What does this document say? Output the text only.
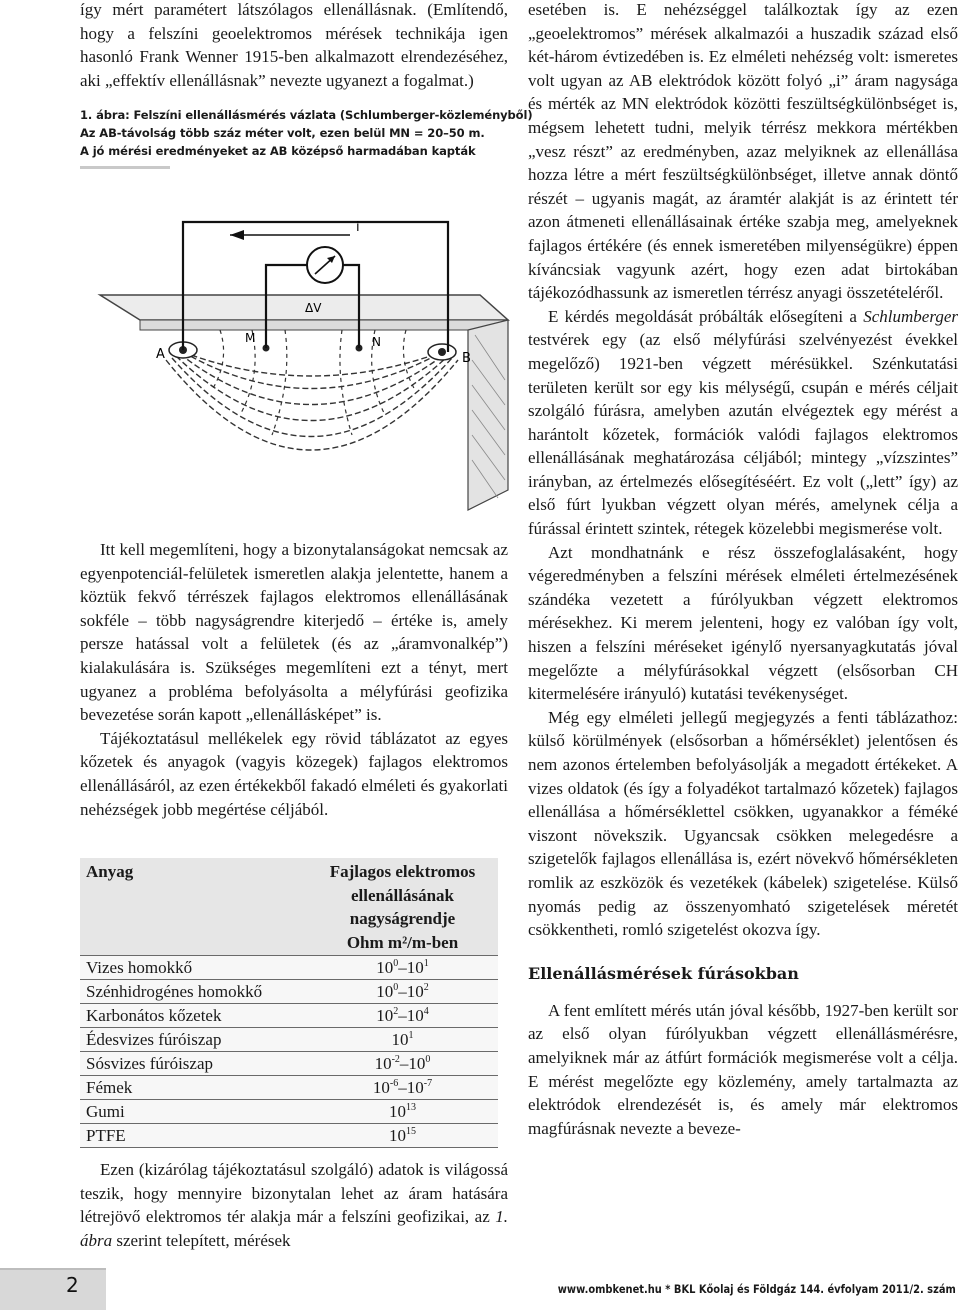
így mért paramétert látszólagos ellenállásnak. (Említendő, hogy a felszíni geoelektromos mérések technikája igen hasonló Frank Wenner 1915-ben alkalmazott elrendezéséhez, aki „effektív ellenállásnak” nevezte ugyanezt a fogalmat.)

1. ábra: Felszíni ellenállásmérés vázlata (Schlumberger-közleményből)
Az AB-távolság több száz méter volt, ezen belül MN = 20–50 m.
A jó mérési eredményeket az AB középső harmadában kapták
i
A
M	N
B
ΔV

Itt kell megemlíteni, hogy a bizonytalanságokat nemcsak az egyenpotenciál-felületek ismeretlen alakja jelentette, hanem a köztük fekvő térrészek fajlagos elektromos ellenállásának sokféle – több nagyságrendre kiterjedő – értéke is, amely persze hatással volt a felületek (és az „áramvonalkép”) kialakulására is. Szükséges megemlíteni ezt a tényt, mert ugyanez a probléma befolyásolta a mélyfúrási geofizika bevezetése során kapott „ellenállásképet” is.

Tájékoztatásul mellékelek egy rövid táblázatot az egyes kőzetek és anyagok (vagyis közegek) fajlagos elektromos ellenállásáról, az ezen értékekből fakadó elméleti és gyakorlati nehézségek jobb megértése céljából.

Anyag	Fajlagos elektromos
ellenállásának
nagyságrendje
Ohm m²/m-ben

Vizes homokkő	$10^0-10^1$
Szénhidrogénes homokkő	$10^0-10^2$
Karbonátos kőzetek	$10^2-10^4$
Édesvizes fúróiszap	$10^1$
Sósvizes fúróiszap	$10^{-2}-10^0$
Fémek	$10^{-6}-10^{-7}$
Gumi	$10^{13}$
PTFE	$10^{15}$

Ezen (kizárólag tájékoztatásul szolgáló) adatok is világossá teszik, hogy mennyire bizonytalan lehet az áram hatására létrejövő elektromos tér alakja már a felszíni geofizikai, az 1. ábra szerint telepített, mérések

esetében is. E nehézséggel találkoztak így az ezen „geoelektromos” mérések alkalmazói a huszadik század első két-három évtizedében is. Ez elméleti nehézség volt: ismeretes volt ugyan az AB elektródok között folyó „i” áram nagysága és mérték az MN elektródok közötti feszültségkülönbséget is, mégsem lehetett tudni, melyik térrész mekkora mértékben „vesz részt” az eredményben, azaz melyiknek az ellenállása hozza létre a mért feszültségkülönbséget, illetve annak döntő részét – ugyanis magát, az áramtér alakját is az érintett tér azon átmeneti ellenállásainak értéke szabja meg, amelyeknek fajlagos értékére (és ennek ismeretében milyenségükre) éppen kíváncsiak vagyunk azért, hogy ezen adat birtokában tájékozódhassunk az ismeretlen térrész anyagi összetételéről.

E kérdés megoldását próbálták elősegíteni a Schlumberger testvérek egy (az első mélyfúrási szelvényezést évekkel megelőző) 1921-ben végzett mérésükkel. Szénkutatási területen került sor egy kis mélységű, csupán e mérés céljait szolgáló fúrásra, amelyben azután elvégeztek egy mérést a harántolt kőzetek, formációk valódi fajlagos elektromos ellenállásának meghatározása céljából; mintegy „vízszintes” irányban, az értelmezés elősegítéséért. Ez volt („lett” így) az első fúrt lyukban végzett olyan mérés, amelynek célja a fúrással érintett szintek, rétegek közelebbi megismerése volt.

Azt mondhatnánk e rész összefoglalásaként, hogy végeredményben a felszíni mérések elméleti értelmezésének szándéka vezetett a fúrólyukban végzett elektromos mérésekhez. Ki merem jelenteni, hogy ez valóban így volt, hiszen a felszíni méréseket igénylő nyersanyagkutatás jóval megelőzte a mélyfúrásokkal végzett (elsősorban CH kitermelésére irányuló) kutatási tevékenységet.

Még egy elméleti jellegű megjegyzés a fenti táblázathoz: külső körülmények (elsősorban a hőmérséklet) jelentősen és nem azonos értelemben befolyásolják a megadott értékeket. A vizes oldatok (és így a folyadékot tartalmazó kőzetek) fajlagos ellenállása a hőmérséklettel csökken, ugyanakkor a féméké viszont növekszik. Ugyancsak csökken melegedésre a szigetelők fajlagos ellenállása is, ezért növekvő hőmérsékleten romlik az eszközök és vezetékek (kábelek) szigetelése. Külső nyomás pedig az összenyomható szigetelések méretét csökkentheti, romló szigetelést okozva így.

Ellenállásmérések fúrásokban

A fent említett mérés után jóval később, 1927-ben került sor az első olyan fúrólyukban végzett ellenállásmérésre, amelyiknek már az átfúrt formációk megismerése volt a célja. E mérést megelőzte egy közlemény, amely tartalmazta az elektródok elrendezését is, és amely már elektromos magfúrásnak nevezte a beveze-

2	www.ombkenet.hu * BKL Kőolaj és Földgáz 144. évfolyam 2011/2. szám
